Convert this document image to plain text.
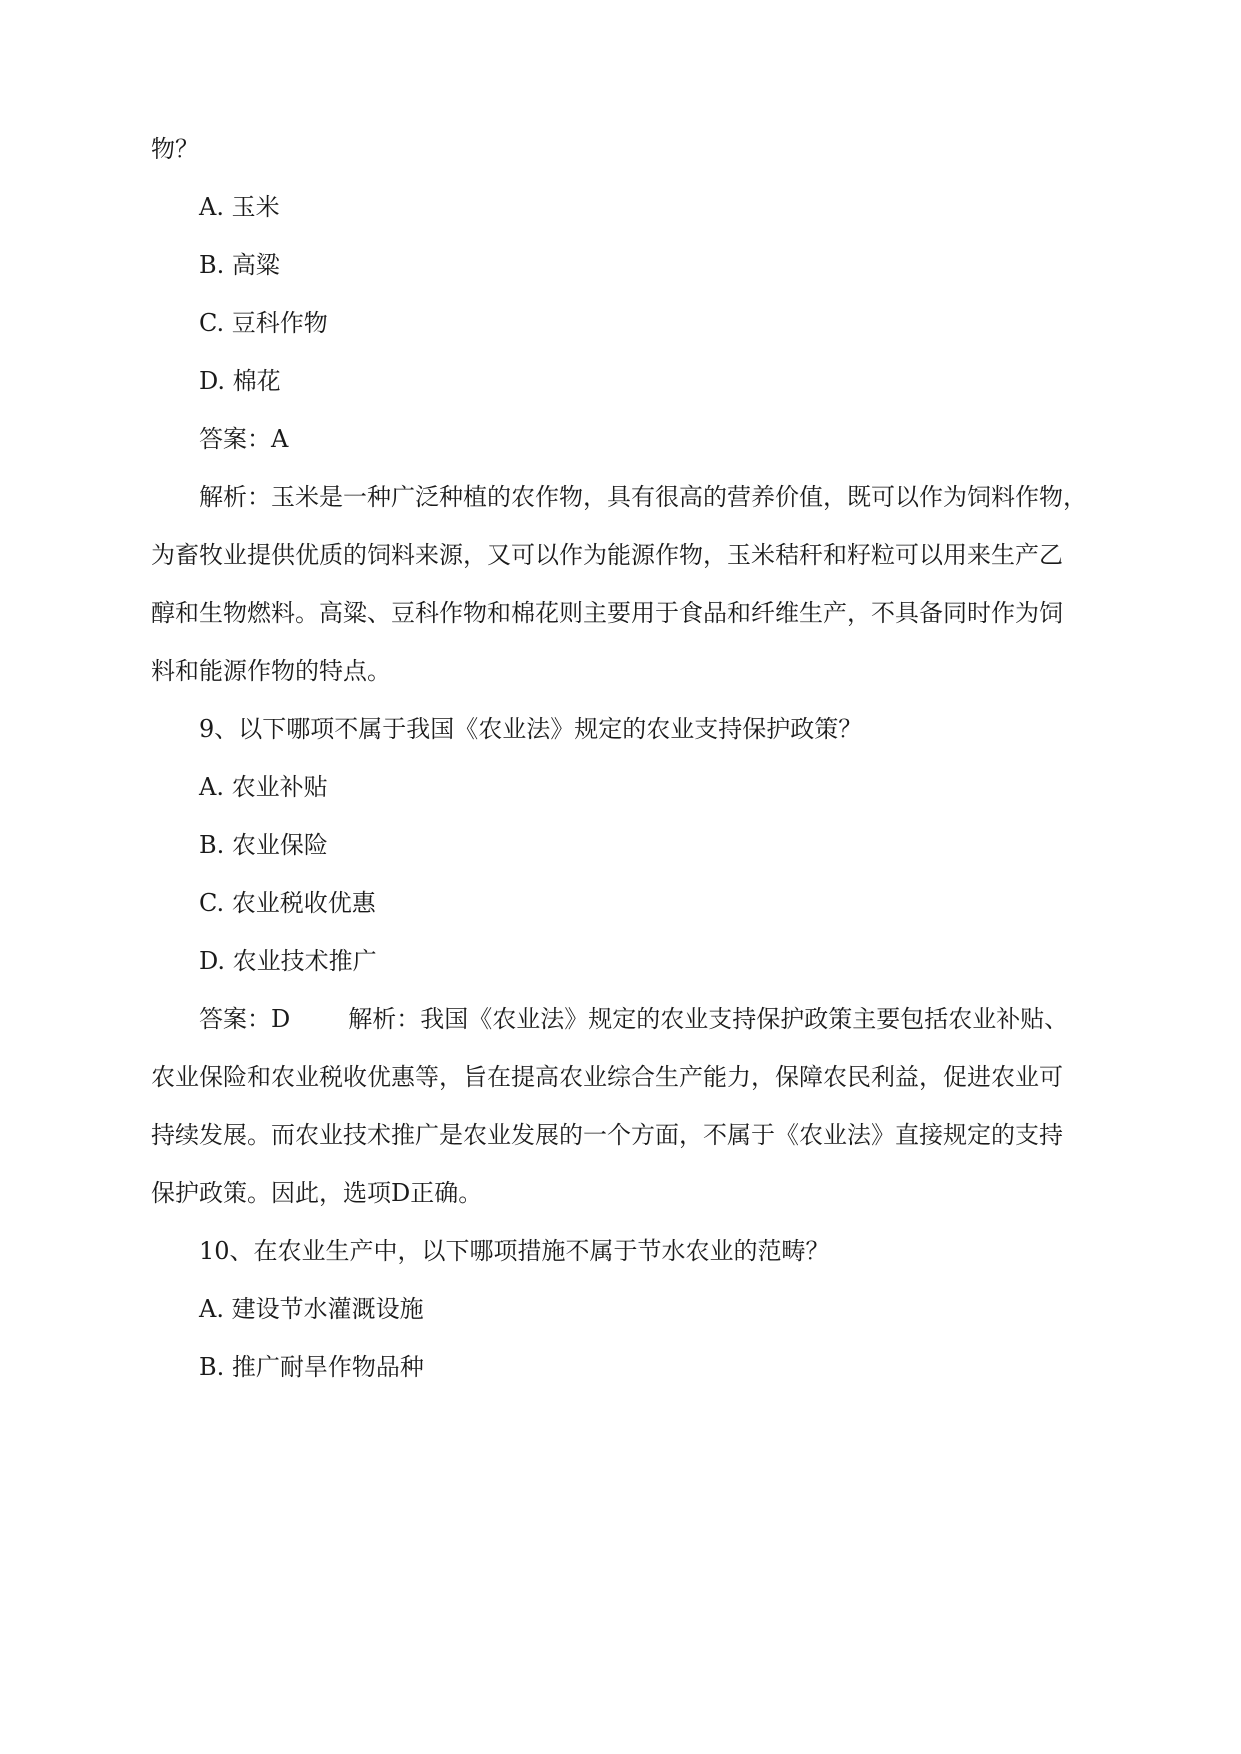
物？
A. 玉米
B. 高粱
C. 豆科作物
D. 棉花
答案：A
解析：玉米是一种广泛种植的农作物，具有很高的营养价值，既可以作为饲料作物，
为畜牧业提供优质的饲料来源，又可以作为能源作物，玉米秸秆和籽粒可以用来生产乙
醇和生物燃料。高粱、豆科作物和棉花则主要用于食品和纤维生产，不具备同时作为饲
料和能源作物的特点。
9、以下哪项不属于我国《农业法》规定的农业支持保护政策？
A. 农业补贴
B. 农业保险
C. 农业税收优惠
D. 农业技术推广
答案：D 解析：我国《农业法》规定的农业支持保护政策主要包括农业补贴、
农业保险和农业税收优惠等，旨在提高农业综合生产能力，保障农民利益，促进农业可
持续发展。而农业技术推广是农业发展的一个方面，不属于《农业法》直接规定的支持
保护政策。因此，选项D正确。
10、在农业生产中，以下哪项措施不属于节水农业的范畴？
A. 建设节水灌溉设施
B. 推广耐旱作物品种
